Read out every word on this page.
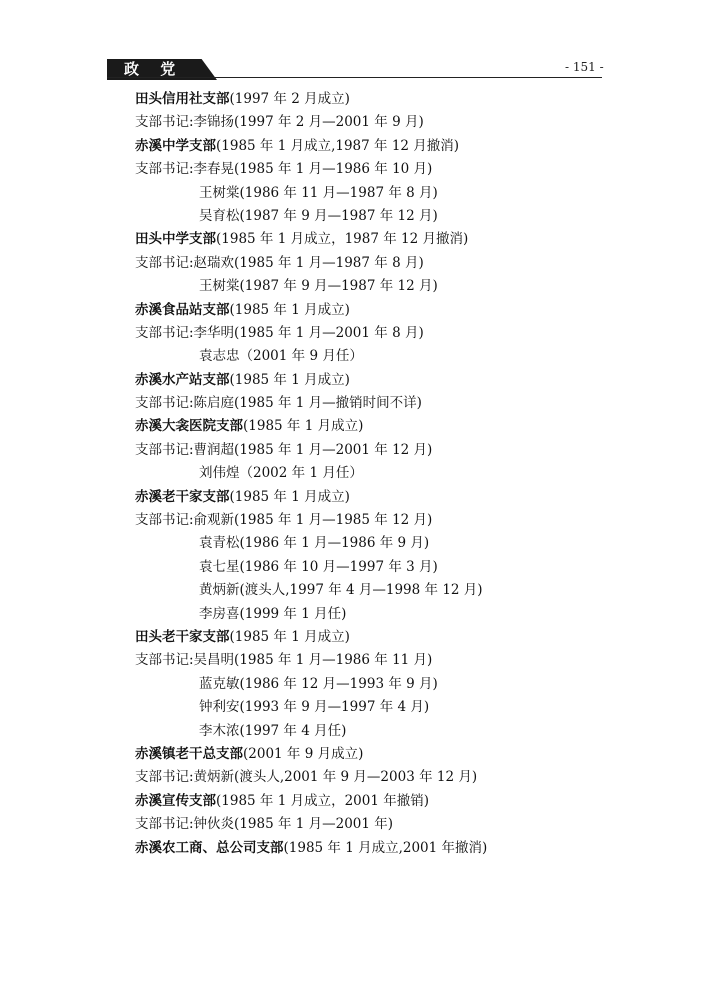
政 党	- 151 -
田头信用社支部(1997 年 2 月成立)
支部书记:李锦扬(1997 年 2 月—2001 年 9 月)
赤溪中学支部(1985 年 1 月成立,1987 年 12 月撤消)
支部书记:李春晃(1985 年 1 月—1986 年 10 月)
王树棠(1986 年 11 月—1987 年 8 月)
吴育松(1987 年 9 月—1987 年 12 月)
田头中学支部(1985 年 1 月成立，1987 年 12 月撤消)
支部书记:赵瑞欢(1985 年 1 月—1987 年 8 月)
王树棠(1987 年 9 月—1987 年 12 月)
赤溪食品站支部(1985 年 1 月成立)
支部书记:李华明(1985 年 1 月—2001 年 8 月)
袁志忠（2001 年 9 月任）
赤溪水产站支部(1985 年 1 月成立)
支部书记:陈启庭(1985 年 1 月—撤销时间不详)
赤溪大衾医院支部(1985 年 1 月成立)
支部书记:曹润超(1985 年 1 月—2001 年 12 月)
刘伟煌（2002 年 1 月任）
赤溪老干家支部(1985 年 1 月成立)
支部书记:俞观新(1985 年 1 月—1985 年 12 月)
袁青松(1986 年 1 月—1986 年 9 月)
袁七星(1986 年 10 月—1997 年 3 月)
黄炳新(渡头人,1997 年 4 月—1998 年 12 月)
李房喜(1999 年 1 月任)
田头老干家支部(1985 年 1 月成立)
支部书记:吴昌明(1985 年 1 月—1986 年 11 月)
蓝克敏(1986 年 12 月—1993 年 9 月)
钟利安(1993 年 9 月—1997 年 4 月)
李木浓(1997 年 4 月任)
赤溪镇老干总支部(2001 年 9 月成立)
支部书记:黄炳新(渡头人,2001 年 9 月—2003 年 12 月)
赤溪宣传支部(1985 年 1 月成立，2001 年撤销)
支部书记:钟伙炎(1985 年 1 月—2001 年)
赤溪农工商、总公司支部(1985 年 1 月成立,2001 年撤消)
